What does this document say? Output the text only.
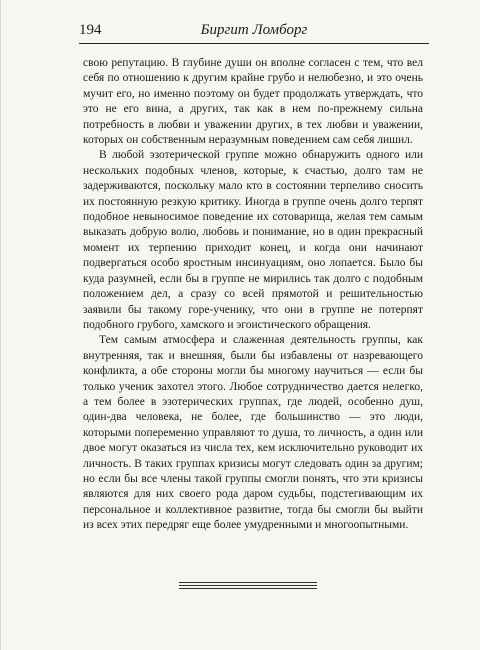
194	Биргит Ломборг

свою репутацию. В глубине души он вполне согласен с тем, что вел себя по отношению к другим крайне грубо и нелюбезно, и это очень мучит его, но именно поэтому он будет продолжать утверждать, что это не его вина, а других, так как в нем по-прежнему сильна потребность в любви и уважении других, в тех любви и уважении, которых он собственным неразумным поведением сам себя лишил.

В любой эзотерической группе можно обнаружить одного или нескольких подобных членов, которые, к счастью, долго там не задерживаются, поскольку мало кто в состоянии терпеливо сносить их постоянную резкую критику. Иногда в группе очень долго терпят подобное невыносимое поведение их сотоварища, желая тем самым выказать добрую волю, любовь и понимание, но в один прекрасный момент их терпению приходит конец, и когда они начинают подвергаться особо яростным инсинуациям, оно лопается. Было бы куда разумней, если бы в группе не мирились так долго с подобным положением дел, а сразу со всей прямотой и решительностью заявили бы такому горе-ученику, что они в группе не потерпят подобного грубого, хамского и эгоистического обращения.

Тем самым атмосфера и слаженная деятельность группы, как внутренняя, так и внешняя, были бы избавлены от назревающего конфликта, а обе стороны могли бы многому научиться — если бы только ученик захотел этого. Любое сотрудничество дается нелегко, а тем более в эзотерических группах, где людей, особенно душ, один-два человека, не более, где большинство — это люди, которыми попеременно управляют то душа, то личность, а один или двое могут оказаться из числа тех, кем исключительно руководит их личность. В таких группах кризисы могут следовать один за другим; но если бы все члены такой группы смогли понять, что эти кризисы являются для них своего рода даром судьбы, подстегивающим их персональное и коллективное развитие, тогда бы смогли бы выйти из всех этих передряг еще более умудренными и многоопытными.
